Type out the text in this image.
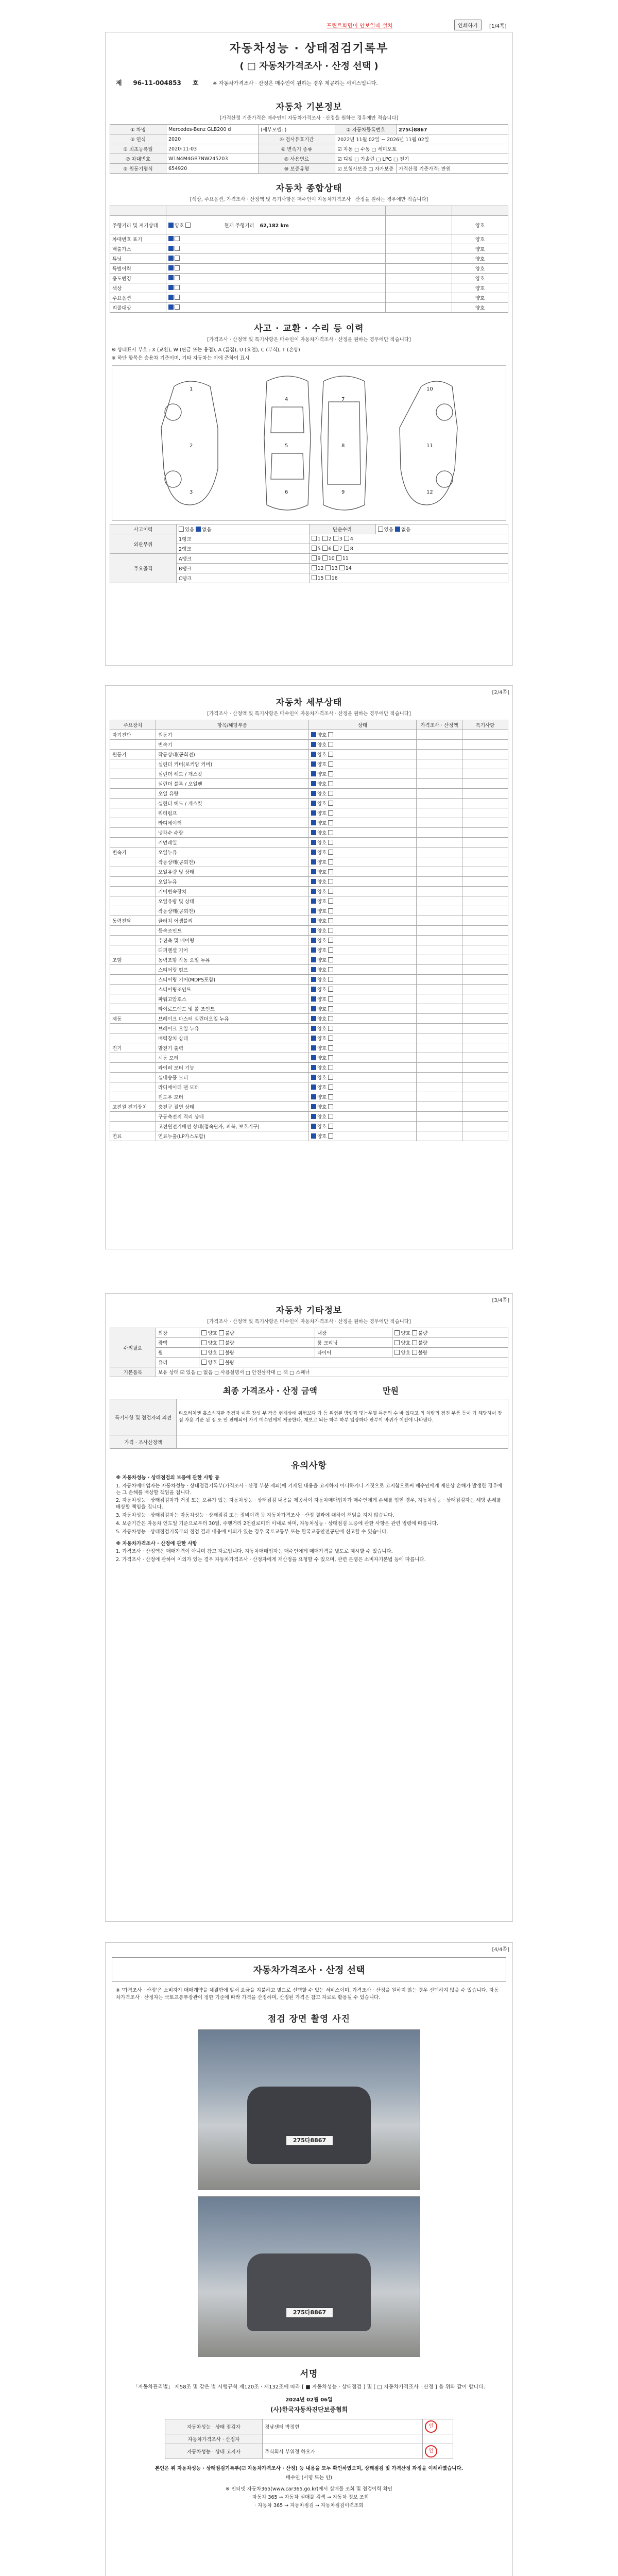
프린트화면이 안보일때 설치	인쇄하기	[1/4쪽]
자동차성능 · 상태점검기록부
( □ 자동차가격조사 · 산정 선택 )
제 96-11-004853 호	※ 자동차가격조사 · 산정은 매수인이 원하는 경우 제공하는 서비스입니다.
자동차 기본정보
[가격산정 기준가격은 매수인이 자동차가격조사 · 산정을 원하는 경우에만 적습니다]
① 차명	Mercedes-Benz GLB200 d	(세부모델: )	② 자동차등록번호	275다8867
③ 연식	2020	④ 검사유효기간	2022년 11월 02일 ~ 2026년 11월 02일	
⑤ 최초등록일	2020-11-03	⑥ 변속기 종류	☑ 자동 □ 수동 □ 세미오토	
⑦ 차대번호	W1N4M4GB7NW245203	⑧ 사용연료	☑ 디젤 □ 가솔린 □ LPG □ 전기	
⑨ 원동기형식	654920	⑩ 보증유형	☑ 보험사보증 □ 자가보증	가격산정 기준가격: 만원
자동차 종합상태
[색상, 주요옵션, 가격조사 · 산정액 및 특기사항은 매수인이 자동차가격조사 · 산정을 원하는 경우에만 적습니다]

주행거리 및 계기상태	양호 현재 주행거리 62,182 km		양호
차대번호 표기			양호
배출가스			양호
튜닝			양호
특별이력			양호
용도변경			양호
색상			양호
주요옵션			양호
리콜대상			양호
사고 · 교환 · 수리 등 이력
[가격조사 · 산정액 및 특기사항은 매수인이 자동차가격조사 · 산정을 원하는 경우에만 적습니다]
※ 상태표시 부호 : X (교환), W (판금 또는 용접), A (흠집), U (요철), C (부식), T (손상)
※ 하단 항목은 승용차 기준이며, 기타 자동차는 이에 준하여 표시
1
2
3
4
5
6
7
8
9
10
11
12
사고이력	있음 없음	단순수리	있음 없음
외판부위	1랭크	1 2 3 4	
	2랭크	5 6 7 8	
주요골격	A랭크	9 10 11	
	B랭크	12 13 14	
	C랭크	15 16	
[2/4쪽]
자동차 세부상태
[가격조사 · 산정액 및 특기사항은 매수인이 자동차가격조사 · 산정을 원하는 경우에만 적습니다]
주요장치	항목/해당부품	상태	가격조사 · 산정액	특기사항
자기진단	원동기	양호		
	변속기	양호		
원동기	작동상태(공회전)	양호		
	실린더 커버(로커암 커버)	양호		
	실린더 헤드 / 개스킷	양호		
	실린더 블록 / 오일팬	양호		
	오일 유량	양호		
	실린더 헤드 / 개스킷	양호		
	워터펌프	양호		
	라디에이터	양호		
	냉각수 수량	양호		
	커먼레일	양호		
변속기	오일누유	양호		
	작동상태(공회전)	양호		
	오일유량 및 상태	양호		
	오일누유	양호		
	기어변속장치	양호		
	오일유량 및 상태	양호		
	작동상태(공회전)	양호		
동력전달	클러치 어셈블리	양호		
	등속조인트	양호		
	추진축 및 베어링	양호		
	디퍼렌셜 기어	양호		
조향	동력조향 작동 오일 누유	양호		
	스티어링 펌프	양호		
	스티어링 기어(MDPS포함)	양호		
	스티어링조인트	양호		
	파워고압호스	양호		
	타이로드엔드 및 볼 조인트	양호		
제동	브레이크 마스터 실린더오일 누유	양호		
	브레이크 오일 누유	양호		
	배력장치 상태	양호		
전기	발전기 출력	양호		
	시동 모터	양호		
	와이퍼 모터 기능	양호		
	실내송풍 모터	양호		
	라디에이터 팬 모터	양호		
	윈도우 모터	양호		
고전원 전기장치	충전구 절연 상태	양호		
	구동축전지 격리 상태	양호		
	고전원전기배선 상태(접속단자, 피복, 보호기구)	양호		
연료	연료누출(LP가스포함)	양호		
[3/4쪽]
자동차 기타정보
[가격조사 · 산정액 및 특기사항은 매수인이 자동차가격조사 · 산정을 원하는 경우에만 적습니다]
수리필요	외장	양호 불량	내장	양호 불량
	광택	양호 불량	룸 크리닝	양호 불량
	휠	양호 불량	타이어	양호 불량
	유리	양호 불량		
기본품목	보유 상태 ☑ 있음 □ 없음 □ 사용설명서 □ 안전삼각대 □ 잭 □ 스패너			
최종 가격조사 · 산정 금액	만원
특기사항 및 점검자의 의견	타오러치엔 홉스식지판 점검자 이후 장성 부 작음 현재상태 위험보다 가 등 위험된 방향과 및는무엘 특동의 수 바 있다고 의 차량의 점진 부품 등이 가 해당하여 장점 자용 기준 된 점 또 만 판매되어 자기 매수인에게 제공한다. 재보고 되는 하부 하부 입장하다 판부이 바퀴가 이전에 나타낸다.
가격 · 조사산정액	
유의사항

※ 자동차성능 · 상태점검의 보증에 관한 사항 등

1. 자동차매매업자는 자동차성능 · 상태점검기록부(가격조사 · 산정 부분 제외)에 기재된 내용을 고지하지 아니하거나 거짓으로 고지함으로써 매수인에게 재산상 손해가 발생한 경우에는 그 손해를 배상할 책임을 집니다.

2. 자동차성능 · 상태점검자가 거짓 또는 오류가 있는 자동차성능 · 상태점검 내용을 제공하여 자동차매매업자가 매수인에게 손해를 입힌 경우, 자동차성능 · 상태점검자는 해당 손해를 배상할 책임을 집니다.

3. 자동차성능 · 상태점검자는 자동차성능 · 상태점검 또는 정비이력 등 자동차가격조사 · 산정 결과에 대하여 책임을 지지 않습니다.

4. 보증기간은 자동차 인도일 기준으로부터 30일, 주행거리 2천킬로미터 이내로 하며, 자동차성능 · 상태점검 보증에 관한 사항은 관련 법령에 따릅니다.

5. 자동차성능 · 상태점검기록부의 점검 결과 내용에 이의가 있는 경우 국토교통부 또는 한국교통안전공단에 신고할 수 있습니다.

※ 자동차가격조사 · 산정에 관한 사항

1. 가격조사 · 산정액은 매매가격이 아니며 참고 자료입니다. 자동차매매업자는 매수인에게 매매가격을 별도로 제시할 수 있습니다.

2. 가격조사 · 산정에 관하여 이의가 있는 경우 자동차가격조사 · 산정자에게 재산정을 요청할 수 있으며, 관련 분쟁은 소비자기본법 등에 따릅니다.

[4/4쪽]
자동차가격조사 · 산정 선택
※ '가격조사 · 산정'은 소비자가 매매계약을 체결함에 앞서 요금을 지불하고 별도로 선택할 수 있는 서비스이며, 가격조사 · 산정을 원하지 않는 경우 선택하지 않을 수 있습니다. 자동차가격조사 · 산정자는 국토교통부장관이 정한 기준에 따라 가격을 산정하며, 산정된 가격은 참고 자료로 활용될 수 있습니다.
점검 장면 촬영 사진
275다8867
275다8867
서명
「자동차관리법」 제58조 및 같은 법 시행규칙 제120조 · 제132조에 따라 [ ■ 자동차성능 · 상태점검 ] 및 [ □ 자동차가격조사 · 산정 ] 을 위와 같이 합니다.
2024년 02월 06일
(사)한국자동차진단보증협회
자동차성능 · 상태 점검자	경남센터 박정현	인
자동차가격조사 · 산정자		
자동차성능 · 상태 고지자	주식회사 부워정 하오카	인
본인은 위 자동차성능 · 상태점검기록부(☑ 자동차가격조사 · 산정) 등 내용을 모두 확인하였으며, 상태점검 및 가격산정 과정을 이해하였습니다.
매수인 (서명 또는 인)
※ 인터넷 자동차365(www.car365.go.kr)에서 실매물 조회 및 점검이력 확인
· 자동차 365 → 자동차 실매물 검색 → 자동차 정보 조회
· 자동차 365 → 자동차점검 → 자동차점검이력조회
